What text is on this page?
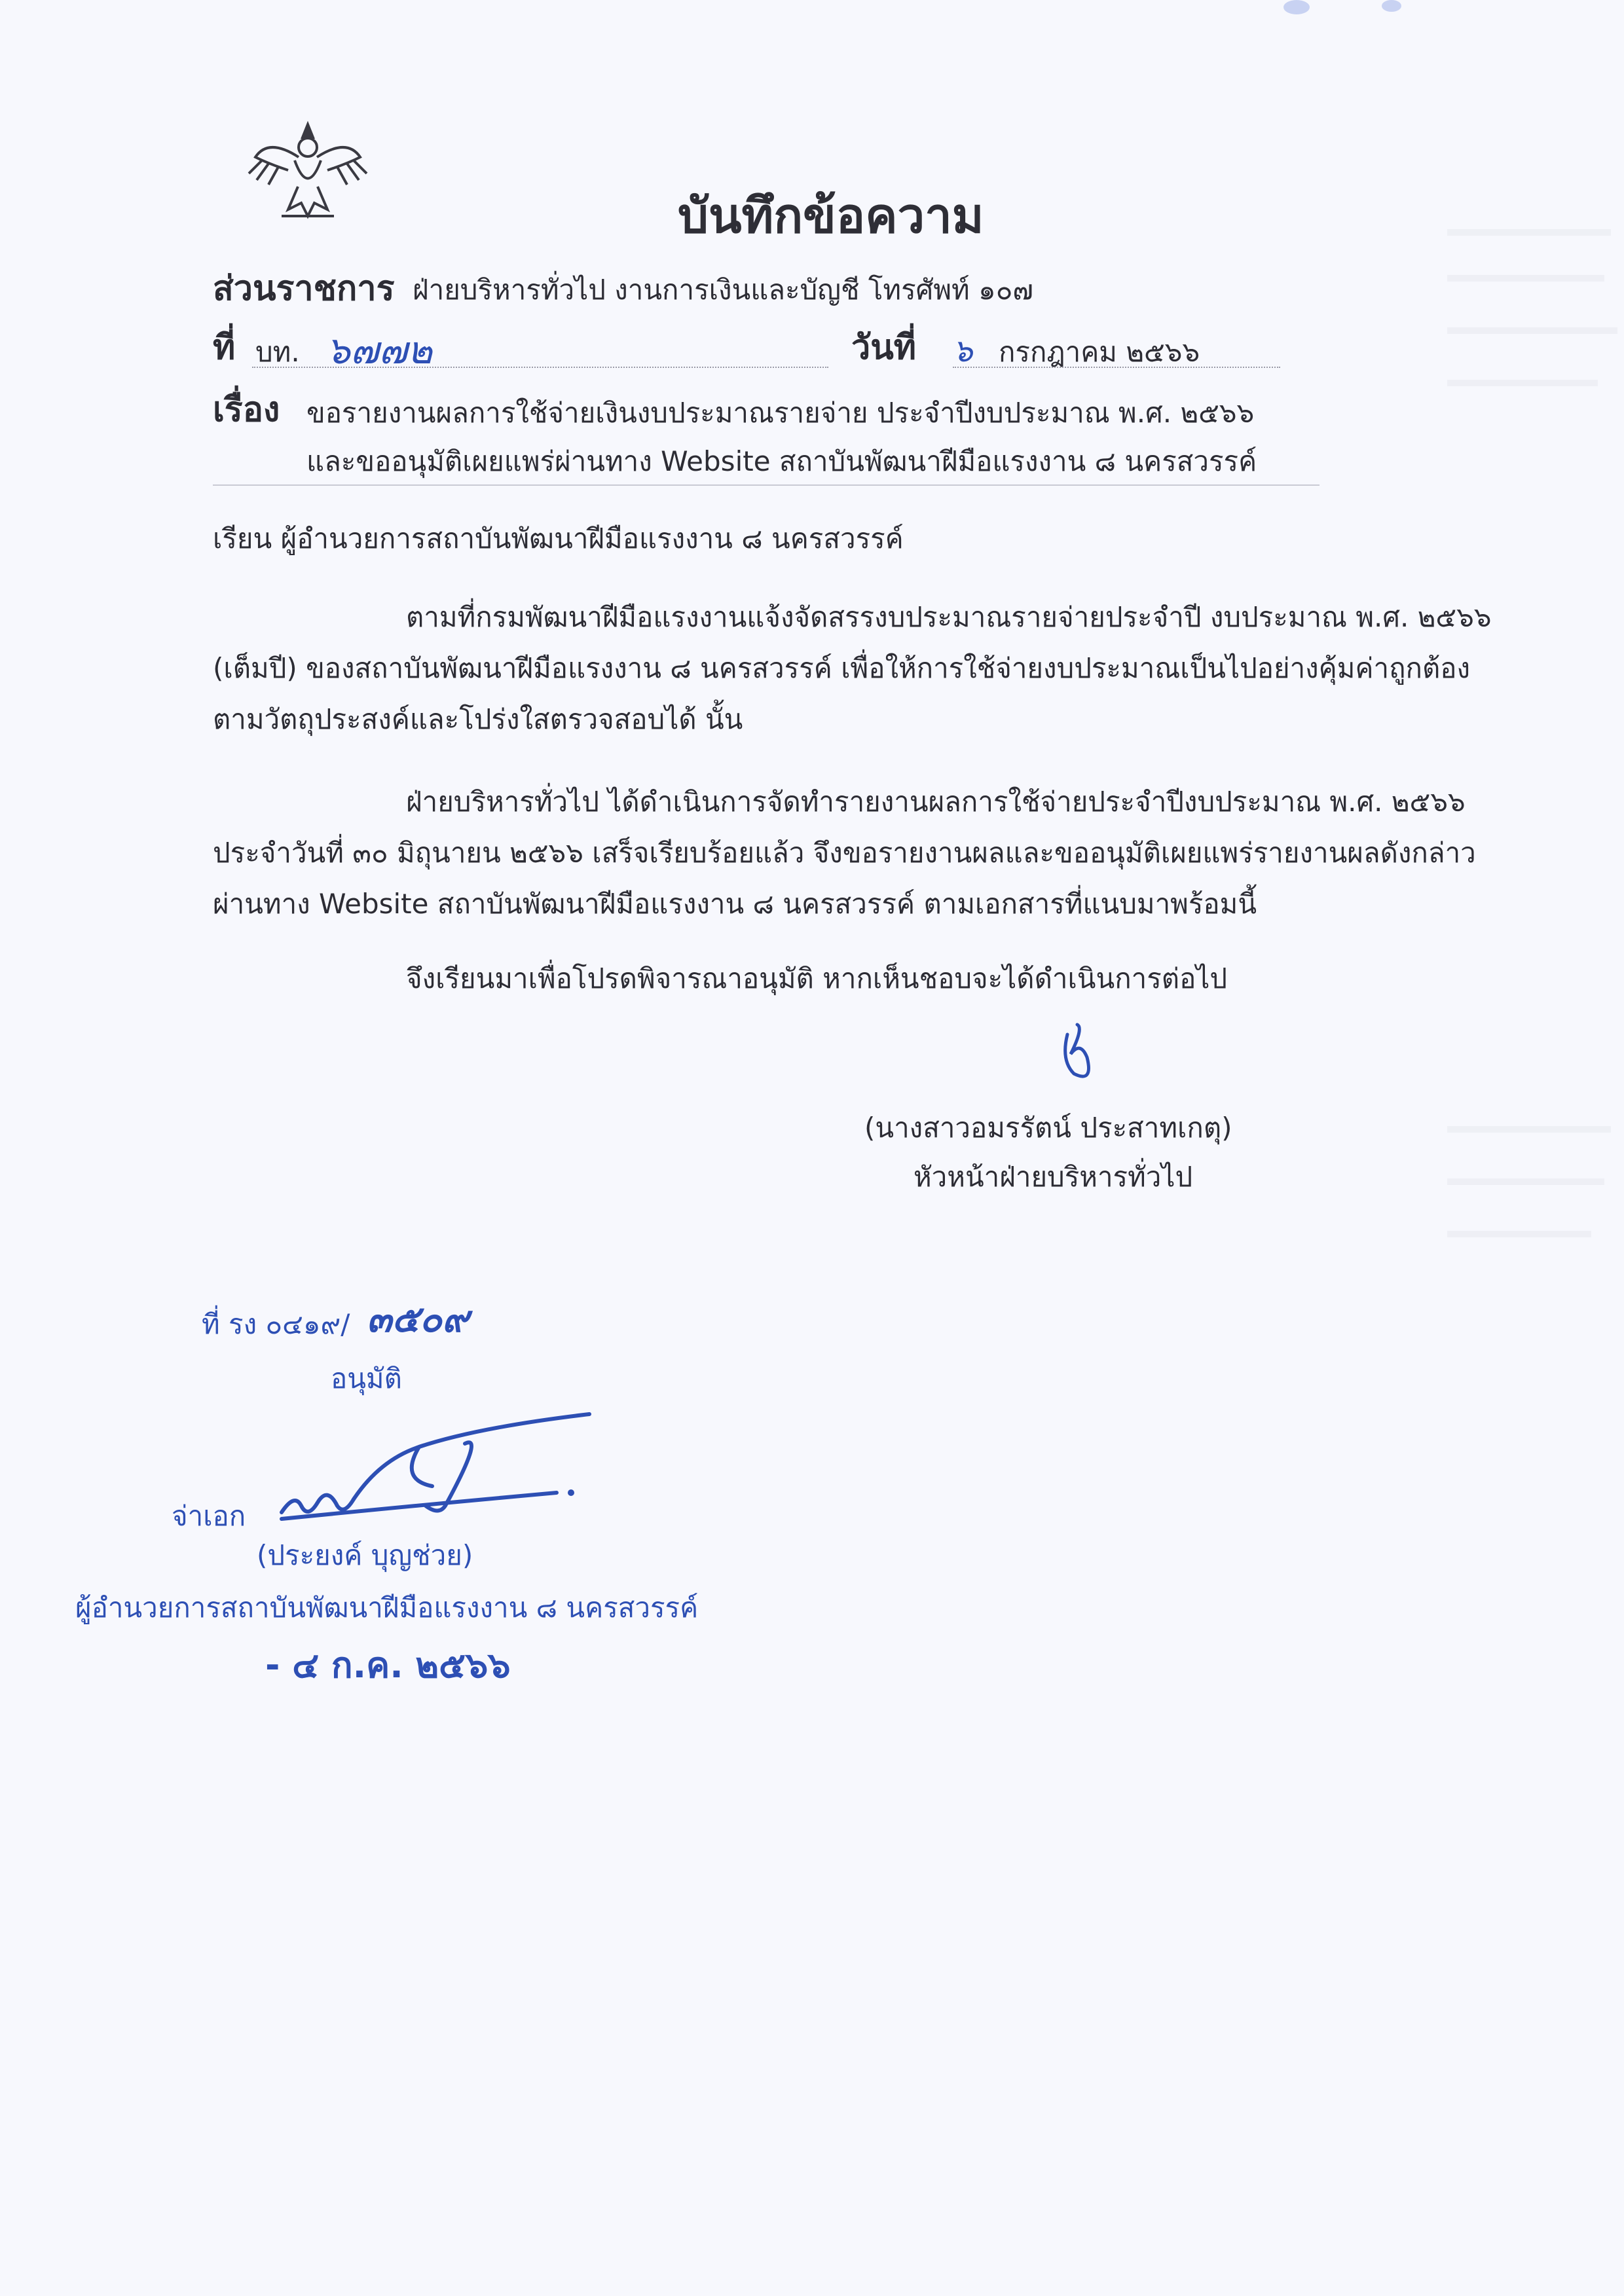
บันทึกข้อความ
ส่วนราชการ ฝ่ายบริหารทั่วไป งานการเงินและบัญชี โทรศัพท์ ๑๐๗
ที่ บท. ๖๗๗๒	วันที่ ๖ กรกฎาคม ๒๕๖๖
เรื่อง ขอรายงานผลการใช้จ่ายเงินงบประมาณรายจ่าย ประจำปีงบประมาณ พ.ศ. ๒๕๖๖
และขออนุมัติเผยแพร่ผ่านทาง Website สถาบันพัฒนาฝีมือแรงงาน ๘ นครสวรรค์
เรียน ผู้อำนวยการสถาบันพัฒนาฝีมือแรงงาน ๘ นครสวรรค์
ตามที่กรมพัฒนาฝีมือแรงงานแจ้งจัดสรรงบประมาณรายจ่ายประจำปี งบประมาณ พ.ศ. ๒๕๖๖
(เต็มปี) ของสถาบันพัฒนาฝีมือแรงงาน ๘ นครสวรรค์ เพื่อให้การใช้จ่ายงบประมาณเป็นไปอย่างคุ้มค่าถูกต้อง
ตามวัตถุประสงค์และโปร่งใสตรวจสอบได้ นั้น
ฝ่ายบริหารทั่วไป ได้ดำเนินการจัดทำรายงานผลการใช้จ่ายประจำปีงบประมาณ พ.ศ. ๒๕๖๖
ประจำวันที่ ๓๐ มิถุนายน ๒๕๖๖ เสร็จเรียบร้อยแล้ว จึงขอรายงานผลและขออนุมัติเผยแพร่รายงานผลดังกล่าว
ผ่านทาง Website สถาบันพัฒนาฝีมือแรงงาน ๘ นครสวรรค์ ตามเอกสารที่แนบมาพร้อมนี้
จึงเรียนมาเพื่อโปรดพิจารณาอนุมัติ หากเห็นชอบจะได้ดำเนินการต่อไป
(นางสาวอมรรัตน์ ประสาทเกตุ)
หัวหน้าฝ่ายบริหารทั่วไป
ที่ รง ๐๔๑๙/ ๓๕๐๙
อนุมัติ
จ่าเอก
(ประยงค์ บุญช่วย)
ผู้อำนวยการสถาบันพัฒนาฝีมือแรงงาน ๘ นครสวรรค์
- ๔ ก.ค. ๒๕๖๖
